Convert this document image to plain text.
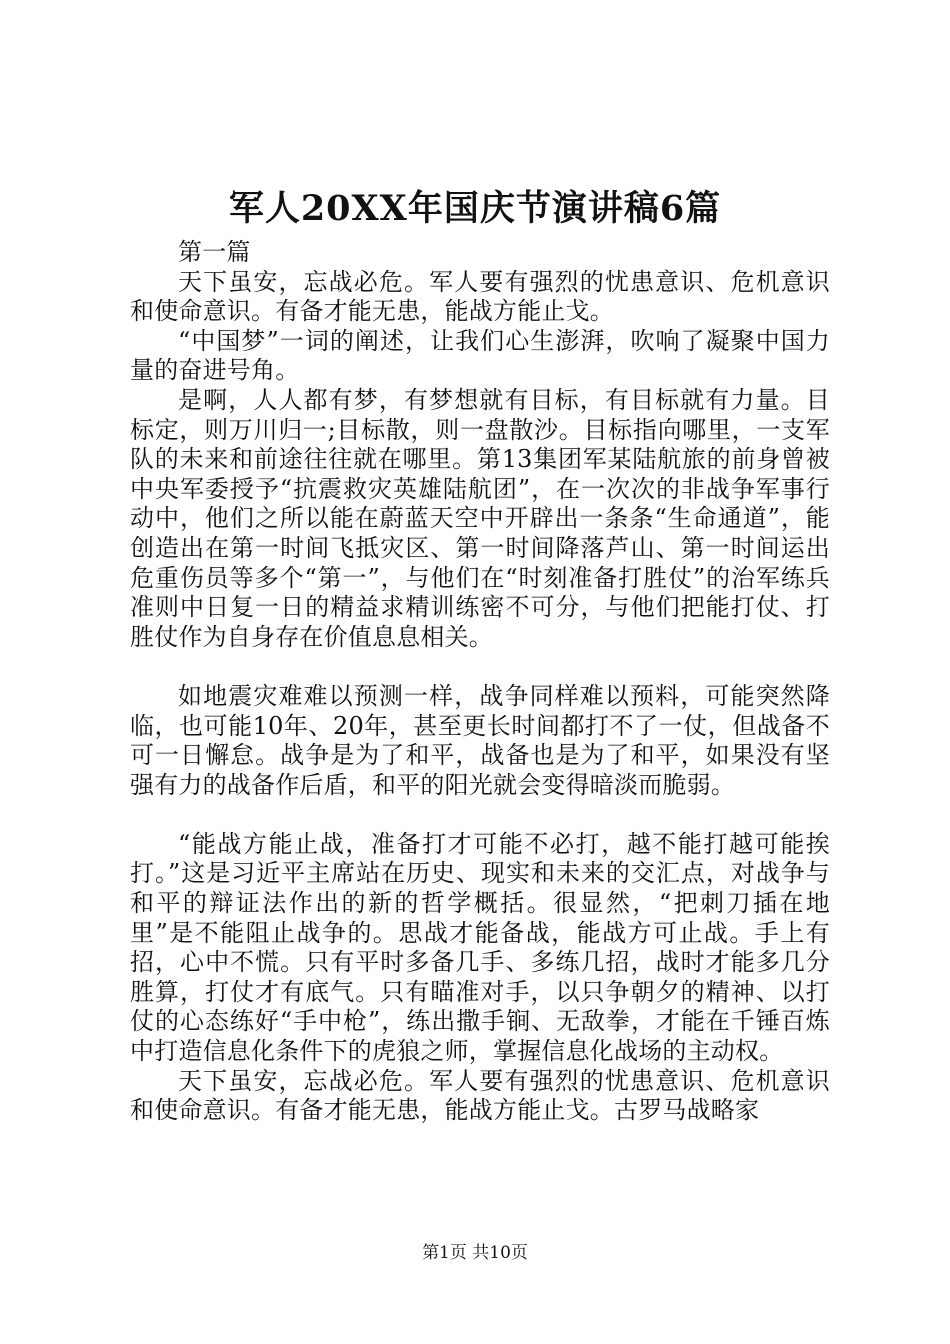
军人20XX年国庆节演讲稿6篇

第一篇

天下虽安，忘战必危。军人要有强烈的忧患意识、危机意识和使命意识。有备才能无患，能战方能止戈。

“中国梦”一词的阐述，让我们心生澎湃，吹响了凝聚中国力量的奋进号角。

是啊，人人都有梦，有梦想就有目标，有目标就有力量。目标定，则万川归一;目标散，则一盘散沙。目标指向哪里，一支军队的未来和前途往往就在哪里。第13集团军某陆航旅的前身曾被中央军委授予“抗震救灾英雄陆航团”，在一次次的非战争军事行动中，他们之所以能在蔚蓝天空中开辟出一条条“生命通道”，能创造出在第一时间飞抵灾区、第一时间降落芦山、第一时间运出危重伤员等多个“第一”，与他们在“时刻准备打胜仗”的治军练兵准则中日复一日的精益求精训练密不可分，与他们把能打仗、打胜仗作为自身存在价值息息相关。

如地震灾难难以预测一样，战争同样难以预料，可能突然降临，也可能10年、20年，甚至更长时间都打不了一仗，但战备不可一日懈怠。战争是为了和平，战备也是为了和平，如果没有坚强有力的战备作后盾，和平的阳光就会变得暗淡而脆弱。

“能战方能止战，准备打才可能不必打，越不能打越可能挨打。”这是习近平主席站在历史、现实和未来的交汇点，对战争与和平的辩证法作出的新的哲学概括。很显然，“把刺刀插在地里”是不能阻止战争的。思战才能备战，能战方可止战。手上有招，心中不慌。只有平时多备几手、多练几招，战时才能多几分胜算，打仗才有底气。只有瞄准对手，以只争朝夕的精神、以打仗的心态练好“手中枪”，练出撒手锏、无敌拳，才能在千锤百炼中打造信息化条件下的虎狼之师，掌握信息化战场的主动权。

天下虽安，忘战必危。军人要有强烈的忧患意识、危机意识和使命意识。有备才能无患，能战方能止戈。古罗马战略家

第1页 共10页
